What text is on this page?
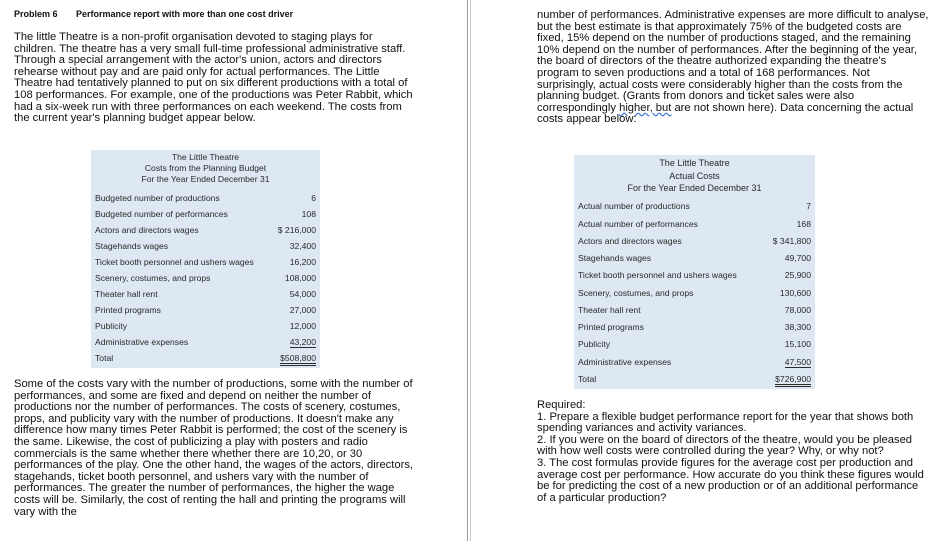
Problem 6 Performance report with more than one cost driver

The little Theatre is a non-profit organisation devoted to staging plays for children. The theatre has a very small full-time professional administrative staff. Through a special arrangement with the actor's union, actors and directors rehearse without pay and are paid only for actual performances. The Little Theatre had tentatively planned to put on six different productions with a total of 108 performances. For example, one of the productions was Peter Rabbit, which had a six-week run with three performances on each weekend. The costs from the current year's planning budget appear below.

The Little Theatre
Costs from the Planning Budget
For the Year Ended December 31
Budgeted number of productions	6
Budgeted number of performances	108
Actors and directors wages	$ 216,000
Stagehands wages	32,400
Ticket booth personnel and ushers wages	16,200
Scenery, costumes, and props	108,000
Theater hall rent	54,000
Printed programs	27,000
Publicity	12,000
Administrative expenses	43,200
Total	$508,800

Some of the costs vary with the number of productions, some with the number of performances, and some are fixed and depend on neither the number of productions nor the number of performances. The costs of scenery, costumes, props, and publicity vary with the number of productions. It doesn't make any difference how many times Peter Rabbit is performed; the cost of the scenery is the same. Likewise, the cost of publicizing a play with posters and radio commercials is the same whether there whether there are 10,20, or 30 performances of the play. One the other hand, the wages of the actors, directors, stagehands, ticket booth personnel, and ushers vary with the number of performances. The greater the number of performances, the higher the wage costs will be. Similarly, the cost of renting the hall and printing the programs will vary with the

number of performances. Administrative expenses are more difficult to analyse, but the best estimate is that approximately 75% of the budgeted costs are fixed, 15% depend on the number of productions staged, and the remaining 10% depend on the number of performances. After the beginning of the year, the board of directors of the theatre authorized expanding the theatre's program to seven productions and a total of 168 performances. Not surprisingly, actual costs were considerably higher than the costs from the planning budget. (Grants from donors and ticket sales were also correspondingly higher, but are not shown here). Data concerning the actual costs appear below:

The Little Theatre
Actual Costs
For the Year Ended December 31
Actual number of productions	7
Actual number of performances	168
Actors and directors wages	$ 341,800
Stagehands wages	49,700
Ticket booth personnel and ushers wages	25,900
Scenery, costumes, and props	130,600
Theater hall rent	78,000
Printed programs	38,300
Publicity	15,100
Administrative expenses	47,500
Total	$726,900
Required:
1. Prepare a flexible budget performance report for the year that shows both spending variances and activity variances.
2. If you were on the board of directors of the theatre, would you be pleased with how well costs were controlled during the year? Why, or why not?
3. The cost formulas provide figures for the average cost per production and average cost per performance. How accurate do you think these figures would be for predicting the cost of a new production or of an additional performance of a particular production?
